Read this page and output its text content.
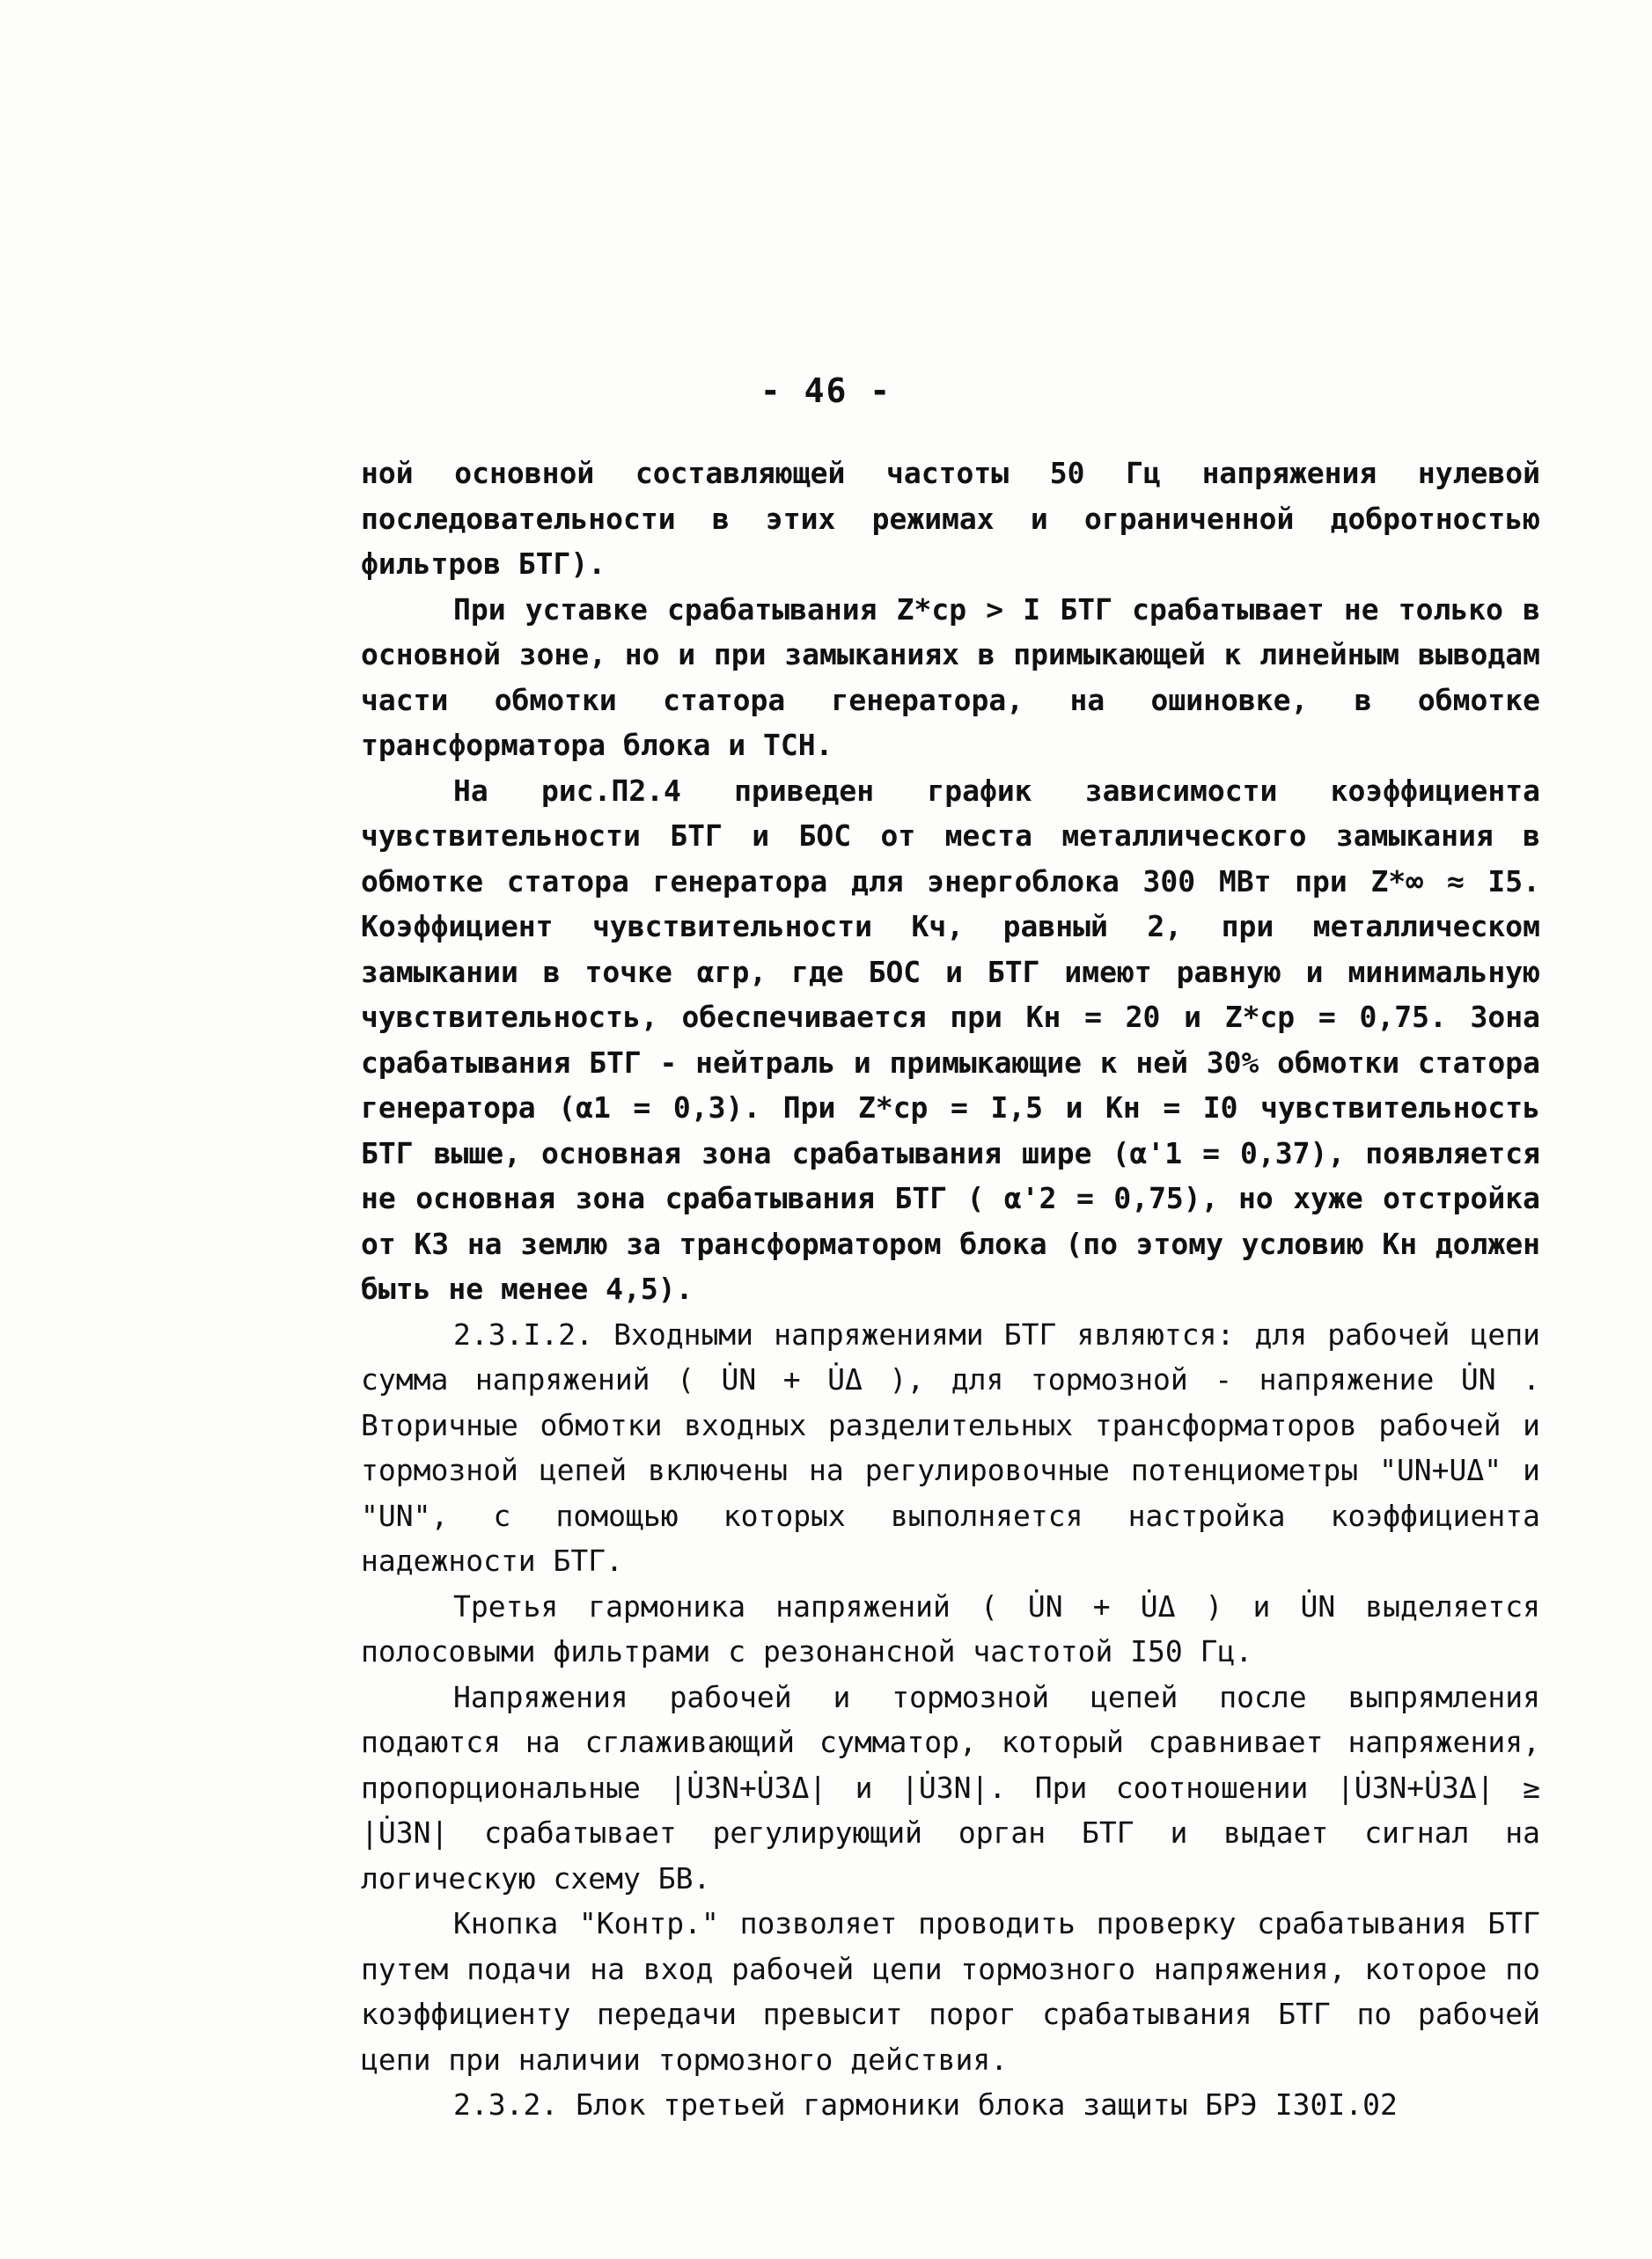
- 46 -

ной основной составляющей частоты 50 Гц напряжения нулевой последовательности в этих режимах и ограниченной добротностью фильтров БТГ).

При уставке срабатывания Z*ср > I БТГ срабатывает не только в основной зоне, но и при замыканиях в примыкающей к линейным выводам части обмотки статора генератора, на ошиновке, в обмотке трансформатора блока и ТСН.

На рис.П2.4 приведен график зависимости коэффициента чувствительности БТГ и БОС от места металлического замыкания в обмотке статора генератора для энергоблока 300 МВт при Z*∞ ≈ I5. Коэффициент чувствительности Кч, равный 2, при металлическом замыкании в точке αгр, где БОС и БТГ имеют равную и минимальную чувствительность, обеспечивается при Кн = 20 и Z*ср = 0,75. Зона срабатывания БТГ - нейтраль и примыкающие к ней 30% обмотки статора генератора (α1 = 0,3). При Z*ср = I,5 и Кн = I0 чувствительность БТГ выше, основная зона срабатывания шире (α'1 = 0,37), появляется не основная зона срабатывания БТГ ( α'2 = 0,75), но хуже отстройка от КЗ на землю за трансформатором блока (по этому условию Кн должен быть не менее 4,5).

2.3.I.2. Входными напряжениями БТГ являются: для рабочей цепи сумма напряжений ( U̇N + U̇Δ ), для тормозной - напряжение U̇N . Вторичные обмотки входных разделительных трансформаторов рабочей и тормозной цепей включены на регулировочные потенциометры "UN+UΔ" и "UN", с помощью которых выполняется настройка коэффициента надежности БТГ.

Третья гармоника напряжений ( U̇N + U̇Δ ) и U̇N выделяется полосовыми фильтрами с резонансной частотой I50 Гц.

Напряжения рабочей и тормозной цепей после выпрямления подаются на сглаживающий сумматор, который сравнивает напряжения, пропорциональные |U̇3N+U̇3Δ| и |U̇3N|. При соотношении |U̇3N+U̇3Δ| ≥ |U̇3N| срабатывает регулирующий орган БТГ и выдает сигнал на логическую схему БВ.

Кнопка "Контр." позволяет проводить проверку срабатывания БТГ путем подачи на вход рабочей цепи тормозного напряжения, которое по коэффициенту передачи превысит порог срабатывания БТГ по рабочей цепи при наличии тормозного действия.

2.3.2. Блок третьей гармоники блока защиты БРЭ I30I.02
